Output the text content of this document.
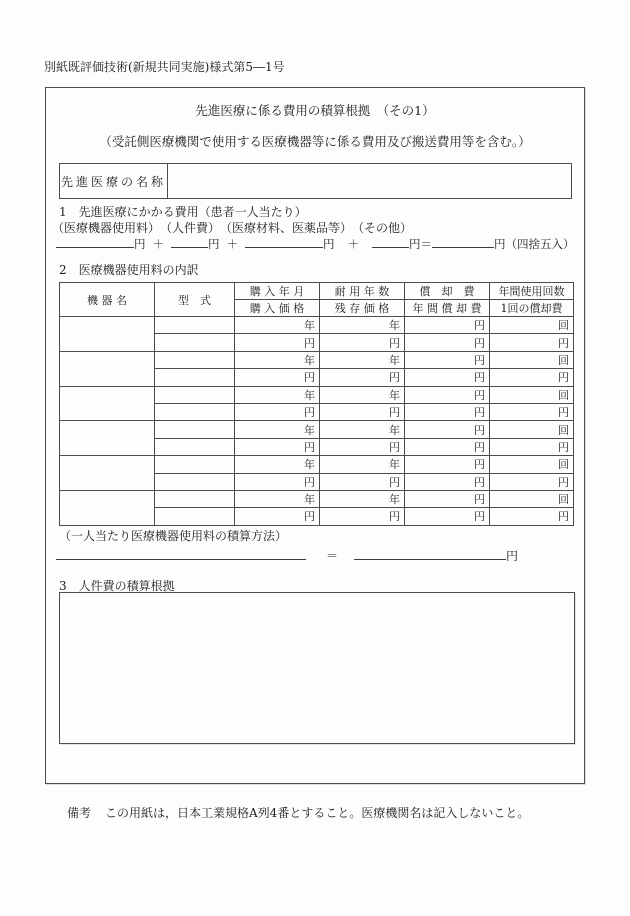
別紙既評価技術(新規共同実施)様式第5―1号
先進医療に係る費用の積算根拠　（その1）
（受託側医療機関で使用する医療機器等に係る費用及び搬送費用等を含む。）
先進医療の名称
1　先進医療にかかる費用（患者一人当たり）
（医療機器使用料）　（人件費）　（医療材料、医薬品等）　（その他）
円 ＋	円 ＋	円 ＋	円＝	円（四捨五入）
2　医療機器使用料の内訳
機 器 名	型　式	購 入 年 月	耐 用 年 数	償　却　費	年間使用回数
		購 入 価 格	残 存 価 格	年 間 償 却 費	1回の償却費
		年	年	円	回
		円	円	円	円
		年	年	円	回
		円	円	円	円
		年	年	円	回
		円	円	円	円
		年	年	円	回
		円	円	円	円
		年	年	円	回
		円	円	円	円
		年	年	円	回
		円	円	円	円
（一人当たり医療機器使用料の積算方法）
＝	円
3　人件費の積算根拠
備考 この用紙は，日本工業規格A列4番とすること。医療機関名は記入しないこと。
